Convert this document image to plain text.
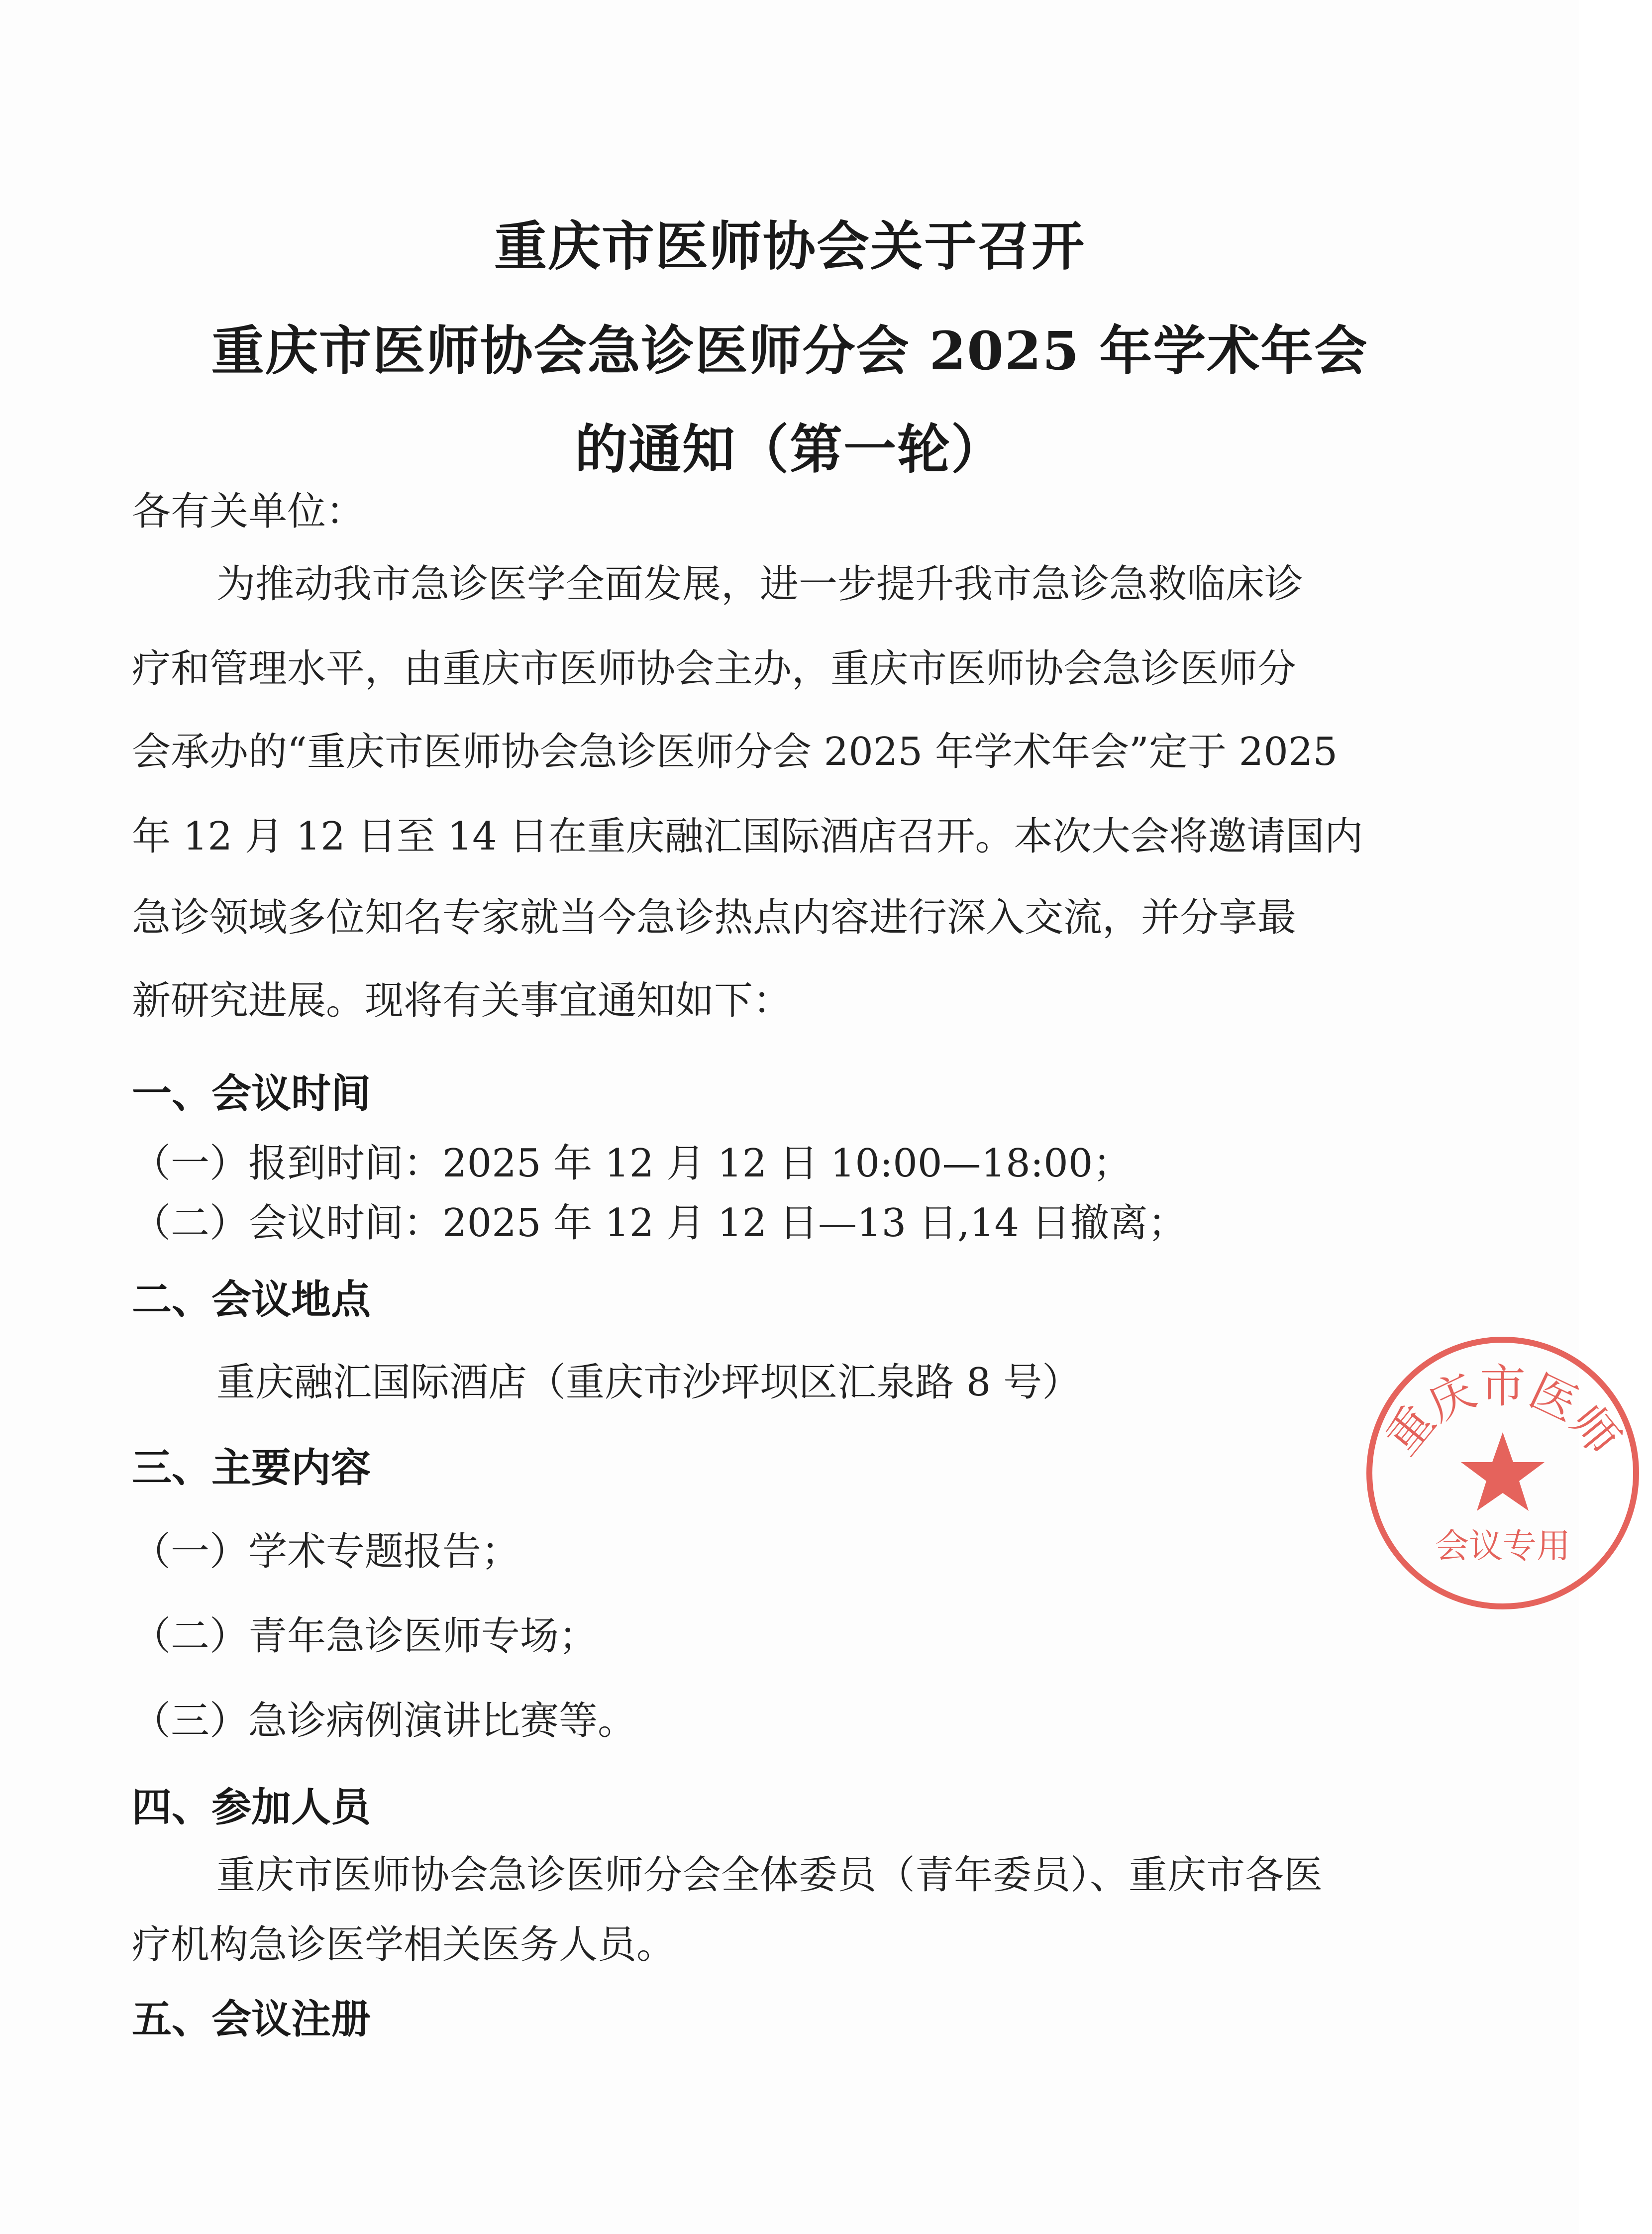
重庆市医师协会关于召开
重庆市医师协会急诊医师分会 2025 年学术年会
的通知（第一轮）
各有关单位：
为推动我市急诊医学全面发展，进一步提升我市急诊急救临床诊
疗和管理水平，由重庆市医师协会主办，重庆市医师协会急诊医师分
会承办的“重庆市医师协会急诊医师分会 2025 年学术年会”定于 2025
年 12 月 12 日至 14 日在重庆融汇国际酒店召开。本次大会将邀请国内
急诊领域多位知名专家就当今急诊热点内容进行深入交流，并分享最
新研究进展。现将有关事宜通知如下：
一、会议时间
（一）报到时间：2025 年 12 月 12 日 10:00—18:00；
（二）会议时间：2025 年 12 月 12 日—13 日,14 日撤离；
二、会议地点
重庆融汇国际酒店（重庆市沙坪坝区汇泉路 8 号）
三、主要内容
（一）学术专题报告；
（二）青年急诊医师专场；
（三）急诊病例演讲比赛等。
四、参加人员
重庆市医师协会急诊医师分会全体委员（青年委员）、重庆市各医
疗机构急诊医学相关医务人员。
五、会议注册
重庆市医师
会议专用
